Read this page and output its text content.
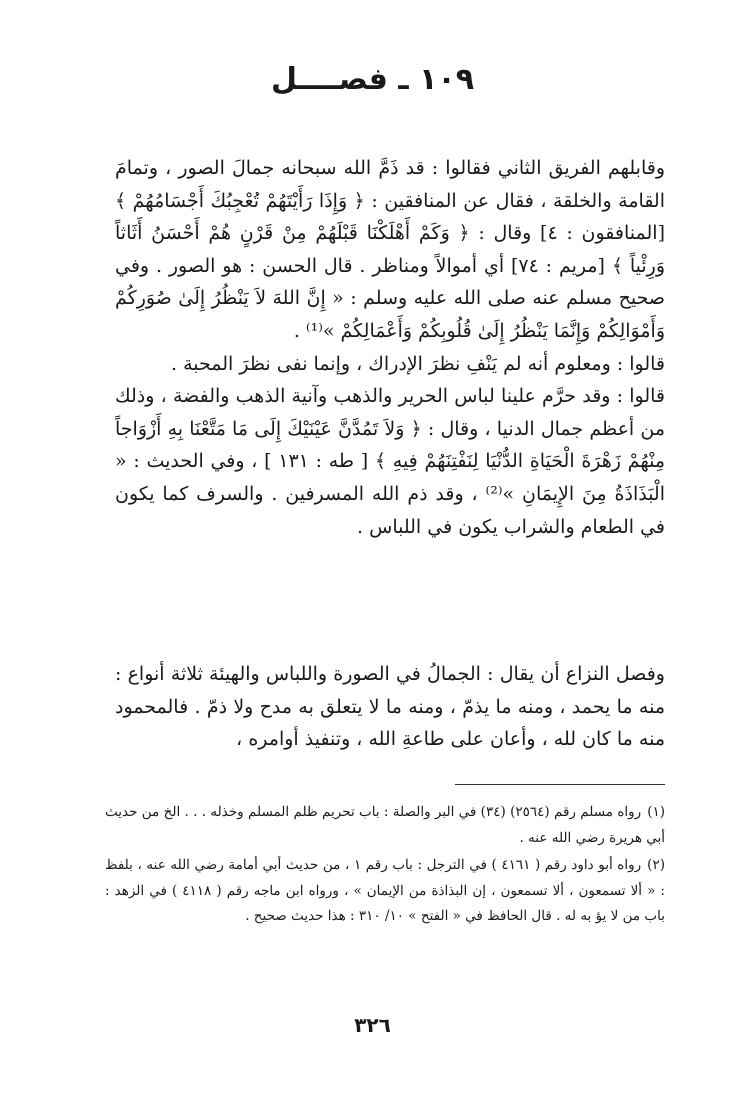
١٠٩ ـ فصــــل

وقابلهم الفريق الثاني فقالوا : قد ذَمَّ الله سبحانه جمالَ الصور ، وتمامَ القامة والخلقة ، فقال عن المنافقين : ﴿ وَإِذَا رَأَيْتَهُمْ تُعْجِبُكَ أَجْسَامُهُمْ ﴾[المنافقون : ٤] وقال : ﴿ وَكَمْ أَهْلَكْنَا قَبْلَهُمْ مِنْ قَرْنٍ هُمْ أَحْسَنُ أَثَاثاً وَرِئْياً ﴾ [مريم : ٧٤] أي أموالاً ومناظر . قال الحسن : هو الصور . وفي صحيح مسلم عنه صلى الله عليه وسلم : « إِنَّ اللهَ لاَ يَنْظُرُ إِلَىٰ صُوَرِكُمْ وَأَمْوَالِكُمْ وَإِنَّمَا يَنْظُرُ إِلَىٰ قُلُوبِكُمْ وَأَعْمَالِكُمْ »⁽¹⁾ .

قالوا : ومعلوم أنه لم يَنْفِ نظرَ الإدراك ، وإنما نفى نظرَ المحبة .

قالوا : وقد حرَّم علينا لباس الحرير والذهب وآنية الذهب والفضة ، وذلك من أعظم جمال الدنيا ، وقال : ﴿ وَلاَ تَمُدَّنَّ عَيْنَيْكَ إِلَى مَا مَتَّعْنَا بِهِ أَزْوَاجاً مِنْهُمْ زَهْرَةَ الْحَيَاةِ الدُّنْيَا لِنَفْتِنَهُمْ فِيهِ ﴾ [ طه : ١٣١ ] ، وفي الحديث : « الْبَذَاذَةُ مِنَ الإِيمَانِ »⁽²⁾ ، وقد ذم الله المسرفين . والسرف كما يكون في الطعام والشراب يكون في اللباس .

وفصل النزاع أن يقال : الجمالُ في الصورة واللباس والهيئة ثلاثة أنواع : منه ما يحمد ، ومنه ما يذمّ ، ومنه ما لا يتعلق به مدح ولا ذمّ . فالمحمود منه ما كان لله ، وأعان على طاعةِ الله ، وتنفيذ أوامره ،

(١)رواه مسلم رقم (٢٥٦٤) (٣٤) في البر والصلة : باب تحريم ظلم المسلم وخذله . . . الخ من حديث أبي هريرة رضي الله عنه .

(٢)رواه أبو داود رقم ( ٤١٦١ ) في الترجل : باب رقم ١ ، من حديث أبي أمامة رضي الله عنه ، بلفظ : « ألا تسمعون ، ألا تسمعون ، إن البذاذة من الإيمان » ، ورواه ابن ماجه رقم ( ٤١١٨ ) في الزهد : باب من لا يؤ به له . قال الحافظ في « الفتح » ١٠/ ٣١٠ : هذا حديث صحيح .

٣٢٦
